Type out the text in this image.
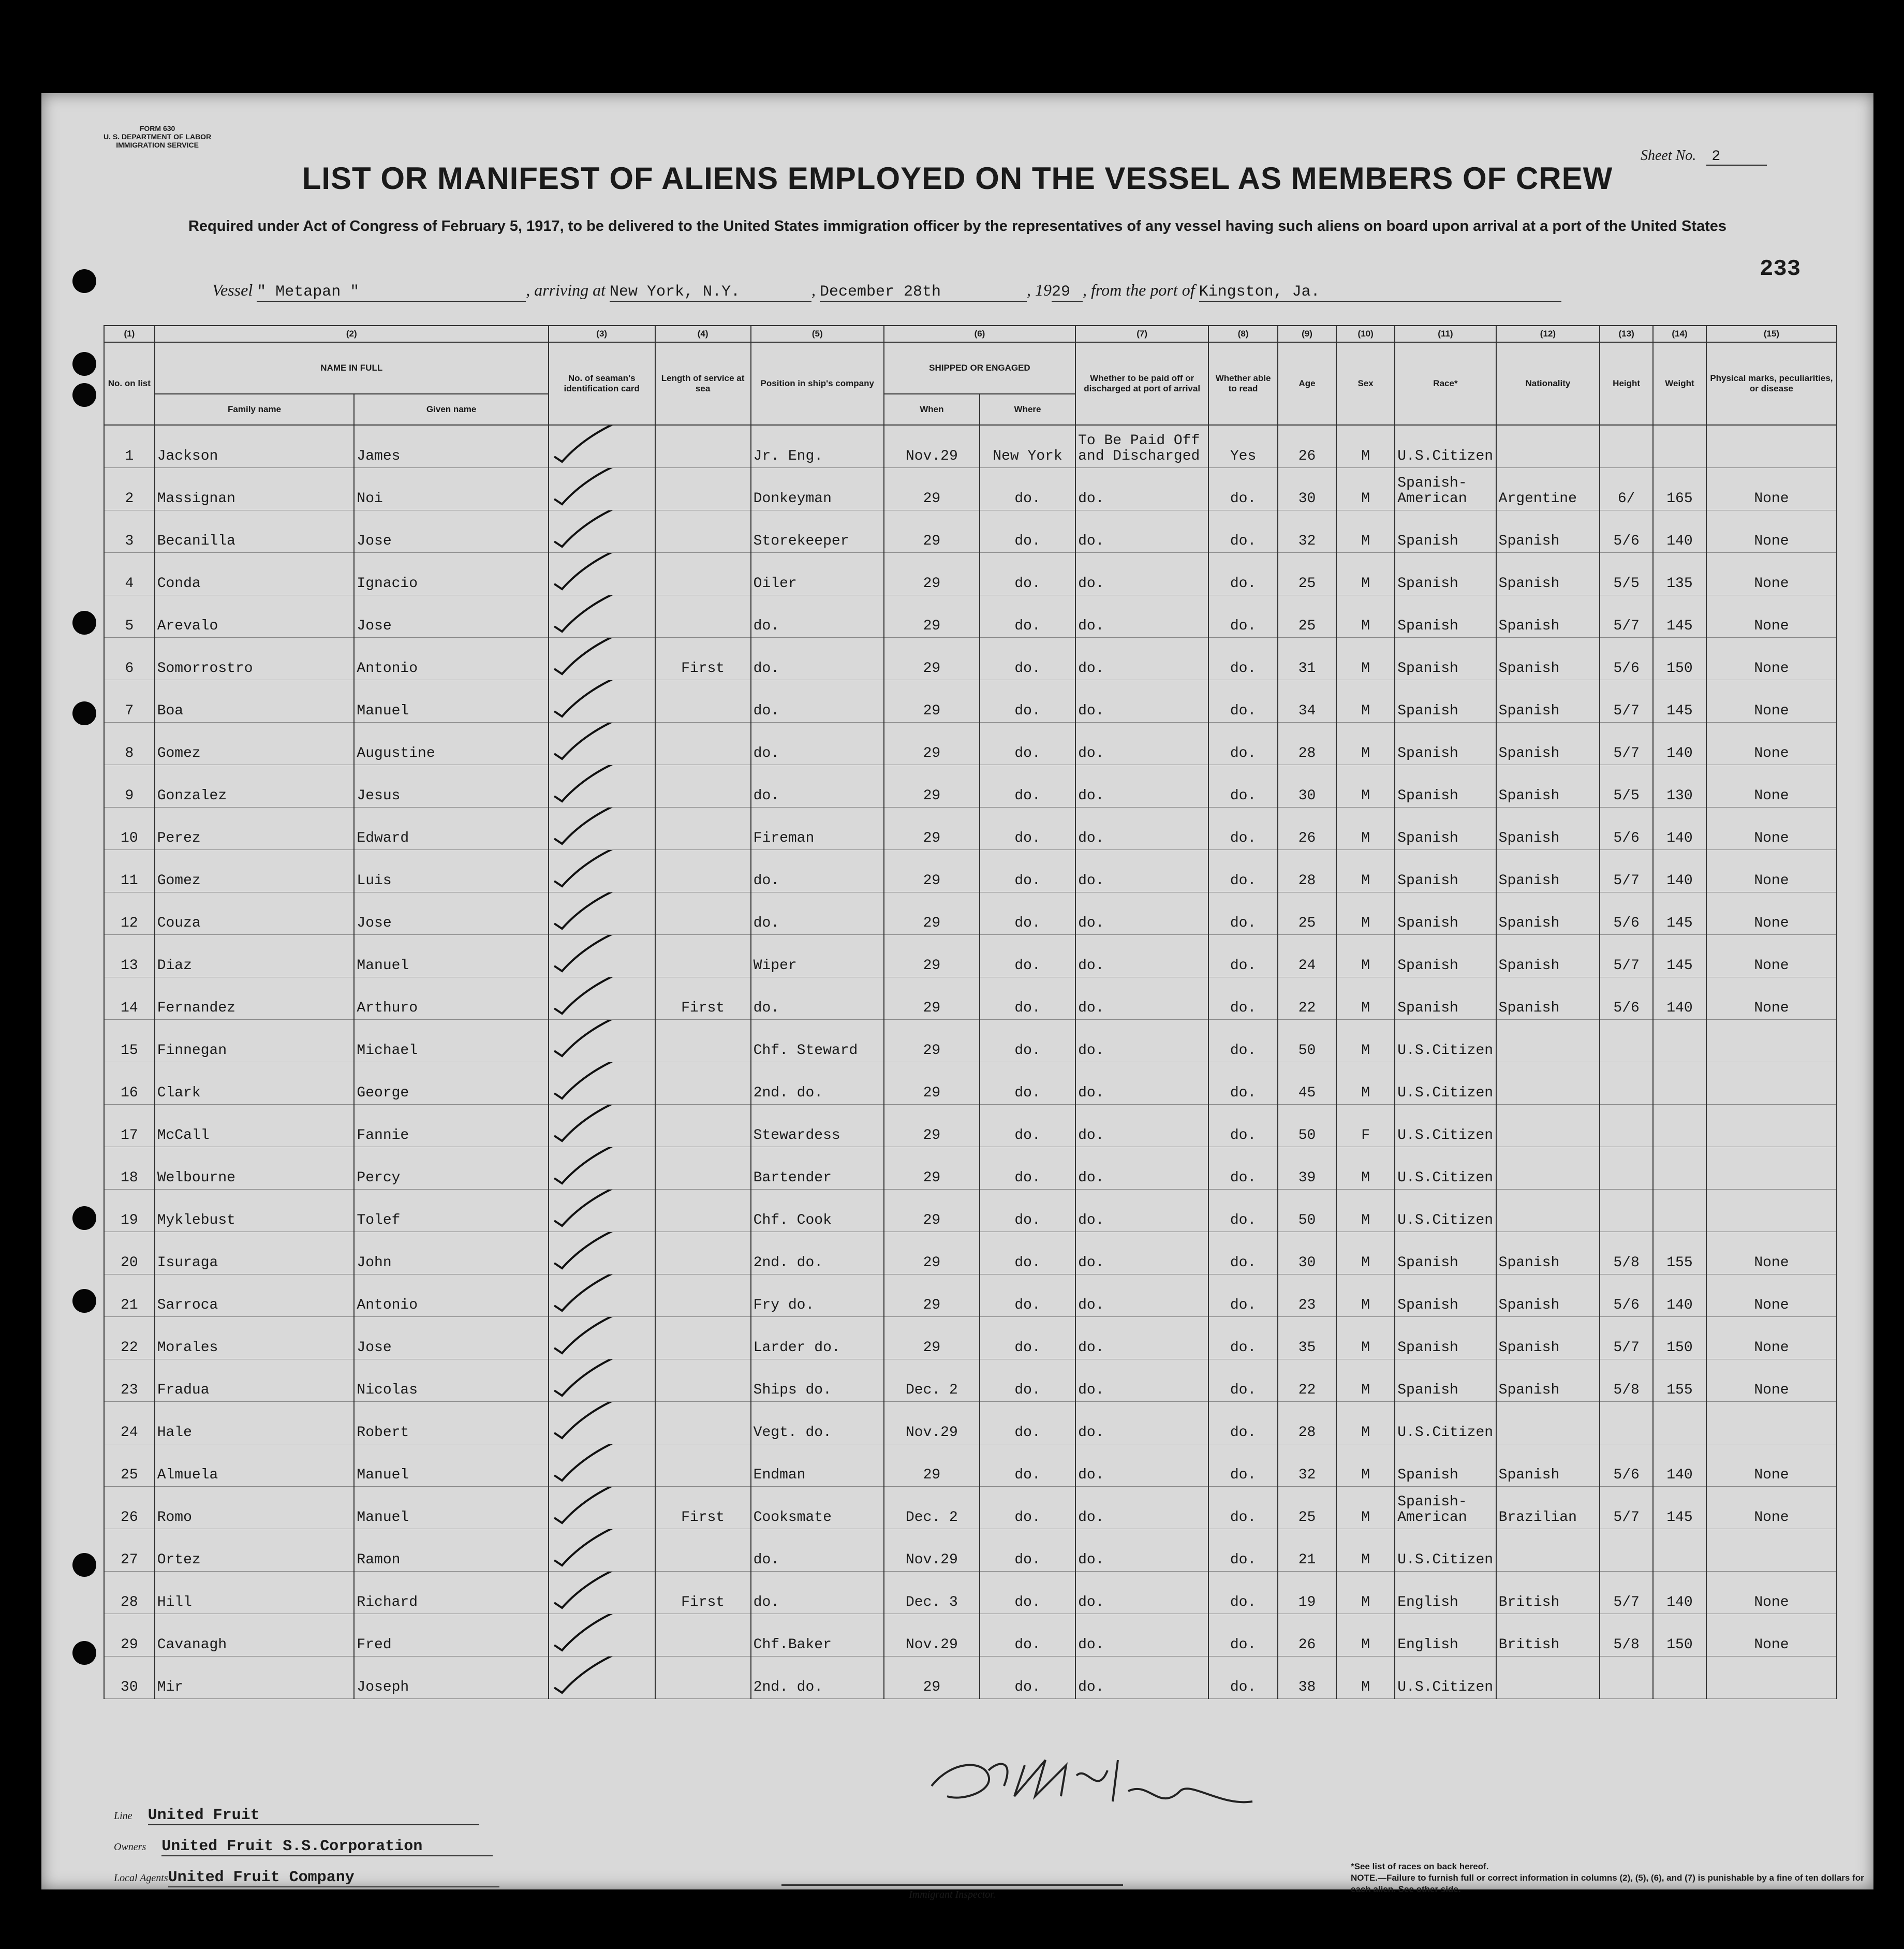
FORM 630
U. S. DEPARTMENT OF LABOR
IMMIGRATION SERVICE
Sheet No. 2
LIST OR MANIFEST OF ALIENS EMPLOYED ON THE VESSEL AS MEMBERS OF CREW
Required under Act of Congress of February 5, 1917, to be delivered to the United States immigration officer by the representatives of any vessel having such aliens on board upon arrival at a port of the United States
233
Vessel " Metapan "	, arriving at New York, N.Y.	, December 28th	, 1929 , from the port of Kingston, Ja.
(1)	(2)		(3)	(4)	(5)	(6)		(7)	(8)	(9)	(10)	(11)	(12)	(13)	(14)	(15)
No. on list	NAME IN FULL		No. of seaman's identification card	Length of service at sea	Position in ship's company	SHIPPED OR ENGAGED		Whether to be paid off or discharged at port of arrival	Whether able to read	Age	Sex	Race*	Nationality	Height	Weight	Physical marks, peculiarities, or disease
	Family name	Given name				When	Where									
1	Jackson	James			Jr. Eng.	Nov.29	New York	To Be Paid Off and Discharged	Yes	26	M	U.S.Citizen				
2	Massignan	Noi			Donkeyman	29	do.	do.	do.	30	M	Spanish-American	Argentine	6/	165	None
3	Becanilla	Jose			Storekeeper	29	do.	do.	do.	32	M	Spanish	Spanish	5/6	140	None
4	Conda	Ignacio			Oiler	29	do.	do.	do.	25	M	Spanish	Spanish	5/5	135	None
5	Arevalo	Jose			do.	29	do.	do.	do.	25	M	Spanish	Spanish	5/7	145	None
6	Somorrostro	Antonio		First	do.	29	do.	do.	do.	31	M	Spanish	Spanish	5/6	150	None
7	Boa	Manuel			do.	29	do.	do.	do.	34	M	Spanish	Spanish	5/7	145	None
8	Gomez	Augustine			do.	29	do.	do.	do.	28	M	Spanish	Spanish	5/7	140	None
9	Gonzalez	Jesus			do.	29	do.	do.	do.	30	M	Spanish	Spanish	5/5	130	None
10	Perez	Edward			Fireman	29	do.	do.	do.	26	M	Spanish	Spanish	5/6	140	None
11	Gomez	Luis			do.	29	do.	do.	do.	28	M	Spanish	Spanish	5/7	140	None
12	Couza	Jose			do.	29	do.	do.	do.	25	M	Spanish	Spanish	5/6	145	None
13	Diaz	Manuel			Wiper	29	do.	do.	do.	24	M	Spanish	Spanish	5/7	145	None
14	Fernandez	Arthuro		First	do.	29	do.	do.	do.	22	M	Spanish	Spanish	5/6	140	None
15	Finnegan	Michael			Chf. Steward	29	do.	do.	do.	50	M	U.S.Citizen				
16	Clark	George			2nd. do.	29	do.	do.	do.	45	M	U.S.Citizen				
17	McCall	Fannie			Stewardess	29	do.	do.	do.	50	F	U.S.Citizen				
18	Welbourne	Percy			Bartender	29	do.	do.	do.	39	M	U.S.Citizen				
19	Myklebust	Tolef			Chf. Cook	29	do.	do.	do.	50	M	U.S.Citizen				
20	Isuraga	John			2nd. do.	29	do.	do.	do.	30	M	Spanish	Spanish	5/8	155	None
21	Sarroca	Antonio			Fry do.	29	do.	do.	do.	23	M	Spanish	Spanish	5/6	140	None
22	Morales	Jose			Larder do.	29	do.	do.	do.	35	M	Spanish	Spanish	5/7	150	None
23	Fradua	Nicolas			Ships do.	Dec. 2	do.	do.	do.	22	M	Spanish	Spanish	5/8	155	None
24	Hale	Robert			Vegt. do.	Nov.29	do.	do.	do.	28	M	U.S.Citizen				
25	Almuela	Manuel			Endman	29	do.	do.	do.	32	M	Spanish	Spanish	5/6	140	None
26	Romo	Manuel		First	Cooksmate	Dec. 2	do.	do.	do.	25	M	Spanish-American	Brazilian	5/7	145	None
27	Ortez	Ramon			do.	Nov.29	do.	do.	do.	21	M	U.S.Citizen				
28	Hill	Richard		First	do.	Dec. 3	do.	do.	do.	19	M	English	British	5/7	140	None
29	Cavanagh	Fred			Chf.Baker	Nov.29	do.	do.	do.	26	M	English	British	5/8	150	None
30	Mir	Joseph			2nd. do.	29	do.	do.	do.	38	M	U.S.Citizen				
Line United Fruit
Owners United Fruit S.S.Corporation
Local AgentsUnited Fruit Company
Immigrant Inspector.
*See list of races on back hereof.
NOTE.—Failure to furnish full or correct information in columns (2), (5), (6), and (7) is punishable by a fine of ten dollars for each alien. See other side.
